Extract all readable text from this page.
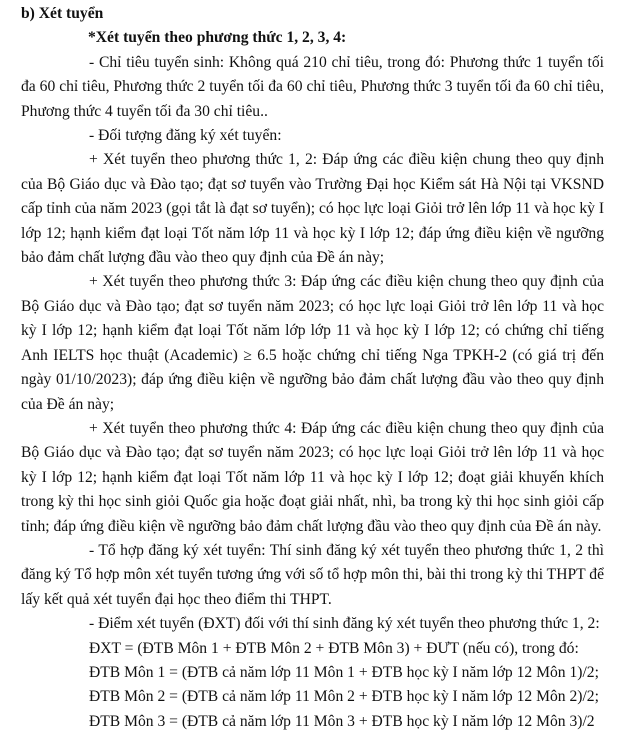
b) Xét tuyển
*Xét tuyển theo phương thức 1, 2, 3, 4:

- Chỉ tiêu tuyển sinh: Không quá 210 chỉ tiêu, trong đó: Phương thức 1 tuyển tối đa 60 chỉ tiêu, Phương thức 2 tuyển tối đa 60 chỉ tiêu, Phương thức 3 tuyển tối đa 60 chỉ tiêu, Phương thức 4 tuyển tối đa 30 chỉ tiêu..

- Đối tượng đăng ký xét tuyển:

+ Xét tuyển theo phương thức 1, 2: Đáp ứng các điều kiện chung theo quy định của Bộ Giáo dục và Đào tạo; đạt sơ tuyển vào Trường Đại học Kiểm sát Hà Nội tại VKSND cấp tỉnh của năm 2023 (gọi tắt là đạt sơ tuyển); có học lực loại Giỏi trở lên lớp 11 và học kỳ I lớp 12; hạnh kiểm đạt loại Tốt năm lớp 11 và học kỳ I lớp 12; đáp ứng điều kiện về ngưỡng bảo đảm chất lượng đầu vào theo quy định của Đề án này;

+ Xét tuyển theo phương thức 3: Đáp ứng các điều kiện chung theo quy định của Bộ Giáo dục và Đào tạo; đạt sơ tuyển năm 2023; có học lực loại Giỏi trở lên lớp 11 và học kỳ I lớp 12; hạnh kiểm đạt loại Tốt năm lớp lớp 11 và học kỳ I lớp 12; có chứng chỉ tiếng Anh IELTS học thuật (Academic) ≥ 6.5 hoặc chứng chỉ tiếng Nga TPKH-2 (có giá trị đến ngày 01/10/2023); đáp ứng điều kiện về ngưỡng bảo đảm chất lượng đầu vào theo quy định của Đề án này;

+ Xét tuyển theo phương thức 4: Đáp ứng các điều kiện chung theo quy định của Bộ Giáo dục và Đào tạo; đạt sơ tuyển năm 2023; có học lực loại Giỏi trở lên lớp 11 và học kỳ I lớp 12; hạnh kiểm đạt loại Tốt năm lớp 11 và học kỳ I lớp 12; đoạt giải khuyến khích trong kỳ thi học sinh giỏi Quốc gia hoặc đoạt giải nhất, nhì, ba trong kỳ thi học sinh giỏi cấp tỉnh; đáp ứng điều kiện về ngưỡng bảo đảm chất lượng đầu vào theo quy định của Đề án này.

- Tổ hợp đăng ký xét tuyển: Thí sinh đăng ký xét tuyển theo phương thức 1, 2 thì đăng ký Tổ hợp môn xét tuyển tương ứng với số tổ hợp môn thi, bài thi trong kỳ thi THPT để lấy kết quả xét tuyển đại học theo điểm thi THPT.

- Điểm xét tuyển (ĐXT) đối với thí sinh đăng ký xét tuyển theo phương thức 1, 2:

ĐXT = (ĐTB Môn 1 + ĐTB Môn 2 + ĐTB Môn 3) + ĐƯT (nếu có), trong đó:

ĐTB Môn 1 = (ĐTB cả năm lớp 11 Môn 1 + ĐTB học kỳ I năm lớp 12 Môn 1)/2;

ĐTB Môn 2 = (ĐTB cả năm lớp 11 Môn 2 + ĐTB học kỳ I năm lớp 12 Môn 2)/2;

ĐTB Môn 3 = (ĐTB cả năm lớp 11 Môn 3 + ĐTB học kỳ I năm lớp 12 Môn 3)/2
